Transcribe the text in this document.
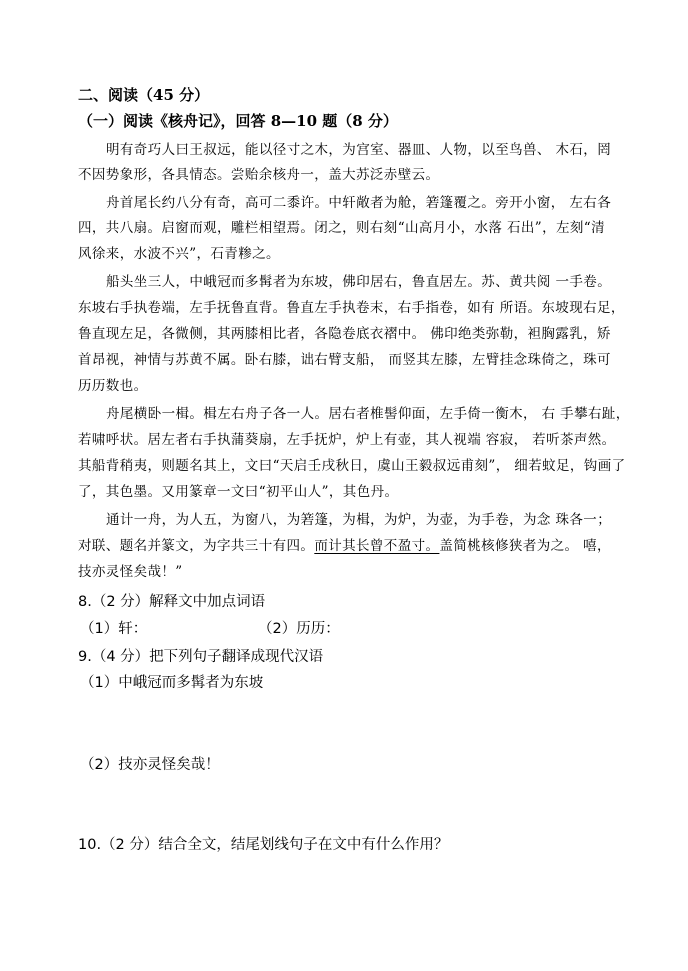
二、阅读（45 分）
（一）阅读《核舟记》，回答 8—10 题（8 分）
明有奇巧人曰王叔远，能以径寸之木，为宫室、器皿、人物，以至鸟兽、 木石，罔
不因势象形，各具情态。尝贻余核舟一，盖大苏泛赤壁云。
舟首尾长约八分有奇，高可二黍许。中轩敞者为舱，箬篷覆之。旁开小窗， 左右各
四，共八扇。启窗而观，雕栏相望焉。闭之，则右刻“山高月小，水落 石出”，左刻“清
风徐来，水波不兴”，石青糁之。
船头坐三人，中峨冠而多髯者为东坡，佛印居右，鲁直居左。苏、黄共阅 一手卷。
东坡右手执卷端，左手抚鲁直背。鲁直左手执卷末，右手指卷，如有 所语。东坡现右足，
鲁直现左足，各微侧，其两膝相比者，各隐卷底衣褶中。 佛印绝类弥勒，袒胸露乳，矫
首昂视，神情与苏黄不属。卧右膝，诎右臂支船， 而竖其左膝，左臂挂念珠倚之，珠可
历历数也。
舟尾横卧一楫。楫左右舟子各一人。居右者椎髻仰面，左手倚一衡木， 右 手攀右趾，
若啸呼状。居左者右手执蒲葵扇，左手抚炉，炉上有壶，其人视端 容寂， 若听茶声然。
其船背稍夷，则题名其上，文曰“天启壬戌秋日，虞山王毅叔远甫刻”， 细若蚊足，钩画了
了，其色墨。又用篆章一文曰“初平山人”，其色丹。
通计一舟，为人五，为窗八，为箬篷，为楫，为炉，为壶，为手卷，为念 珠各一；
对联、题名并篆文，为字共三十有四。而计其长曾不盈寸。盖简桃核修狭者为之。 嘻，
技亦灵怪矣哉！”
8.（2 分）解释文中加点词语
（1）轩：	（2）历历：
9.（4 分）把下列句子翻译成现代汉语
（1）中峨冠而多髯者为东坡
（2）技亦灵怪矣哉！
10.（2 分）结合全文，结尾划线句子在文中有什么作用？
